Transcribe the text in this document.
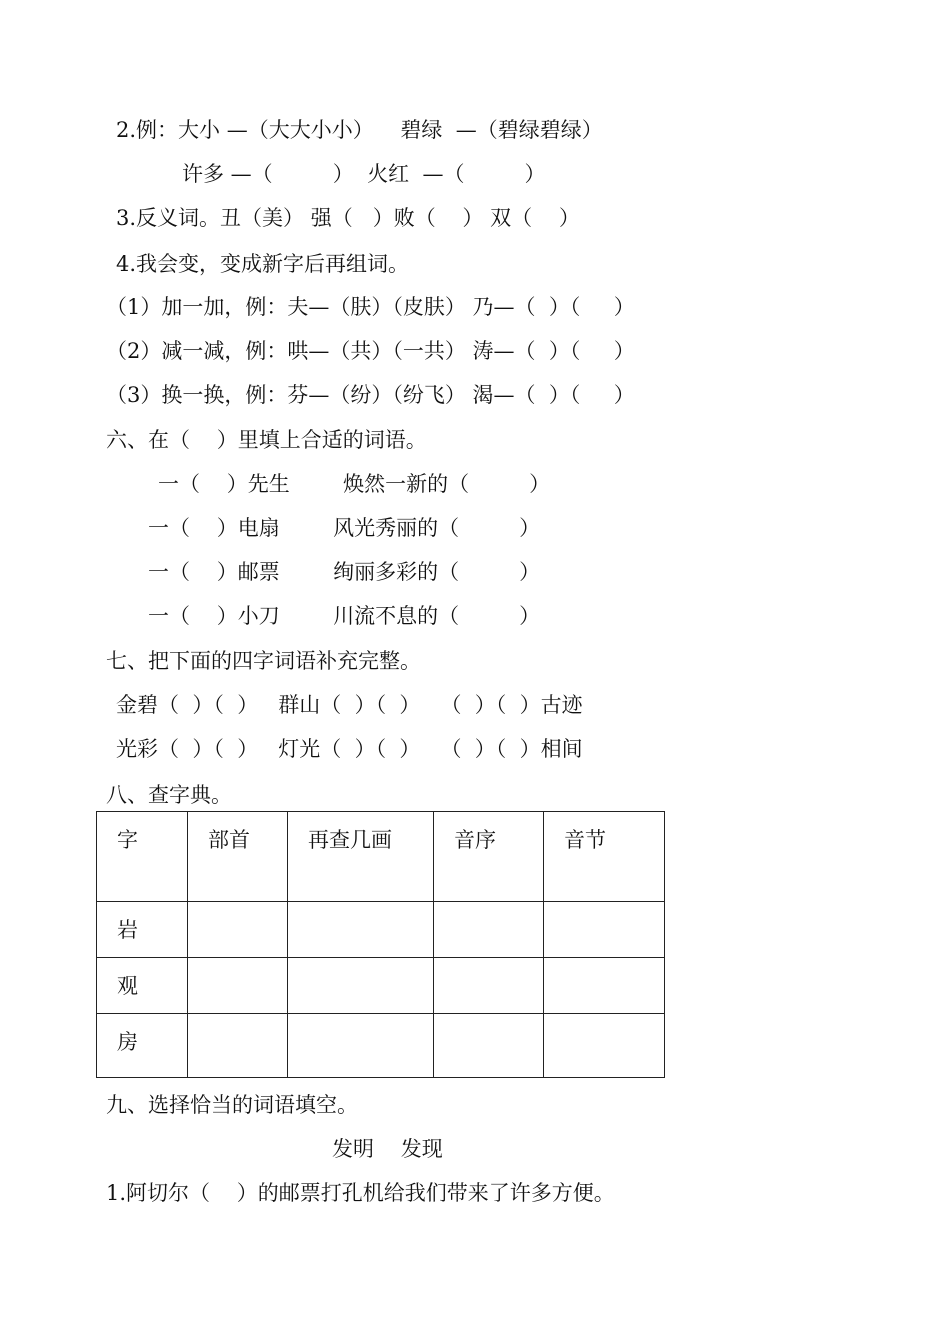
2.例：大小 —（大大小小）    碧绿  —（碧绿碧绿）
许多 —（         ）  火红  —（         ）
3.反义词。丑（美） 强（   ）败（    ） 双（    ）
4.我会变，变成新字后再组词。
（1）加一加，例：夫—（肤）（皮肤） 乃—（  ）（     ）
（2）减一减，例：哄—（共）（一共） 涛—（  ）（     ）
（3）换一换，例：芬—（纷）（纷飞） 渴—（  ）（     ）
六、在（    ）里填上合适的词语。
一（    ）先生        焕然一新的（         ）
一（    ）电扇        风光秀丽的（         ）
一（    ）邮票        绚丽多彩的（         ）
一（    ）小刀        川流不息的（         ）
七、把下面的四字词语补充完整。
金碧（  ）（  ）   群山（  ）（  ）   （  ）（  ）古迹
光彩（  ）（  ）   灯光（  ）（  ）   （  ）（  ）相间
八、查字典。
字	部首	再查几画	音序	音节
岩				
观				
房				
九、选择恰当的词语填空。
发明    发现
1.阿切尔（    ）的邮票打孔机给我们带来了许多方便。
